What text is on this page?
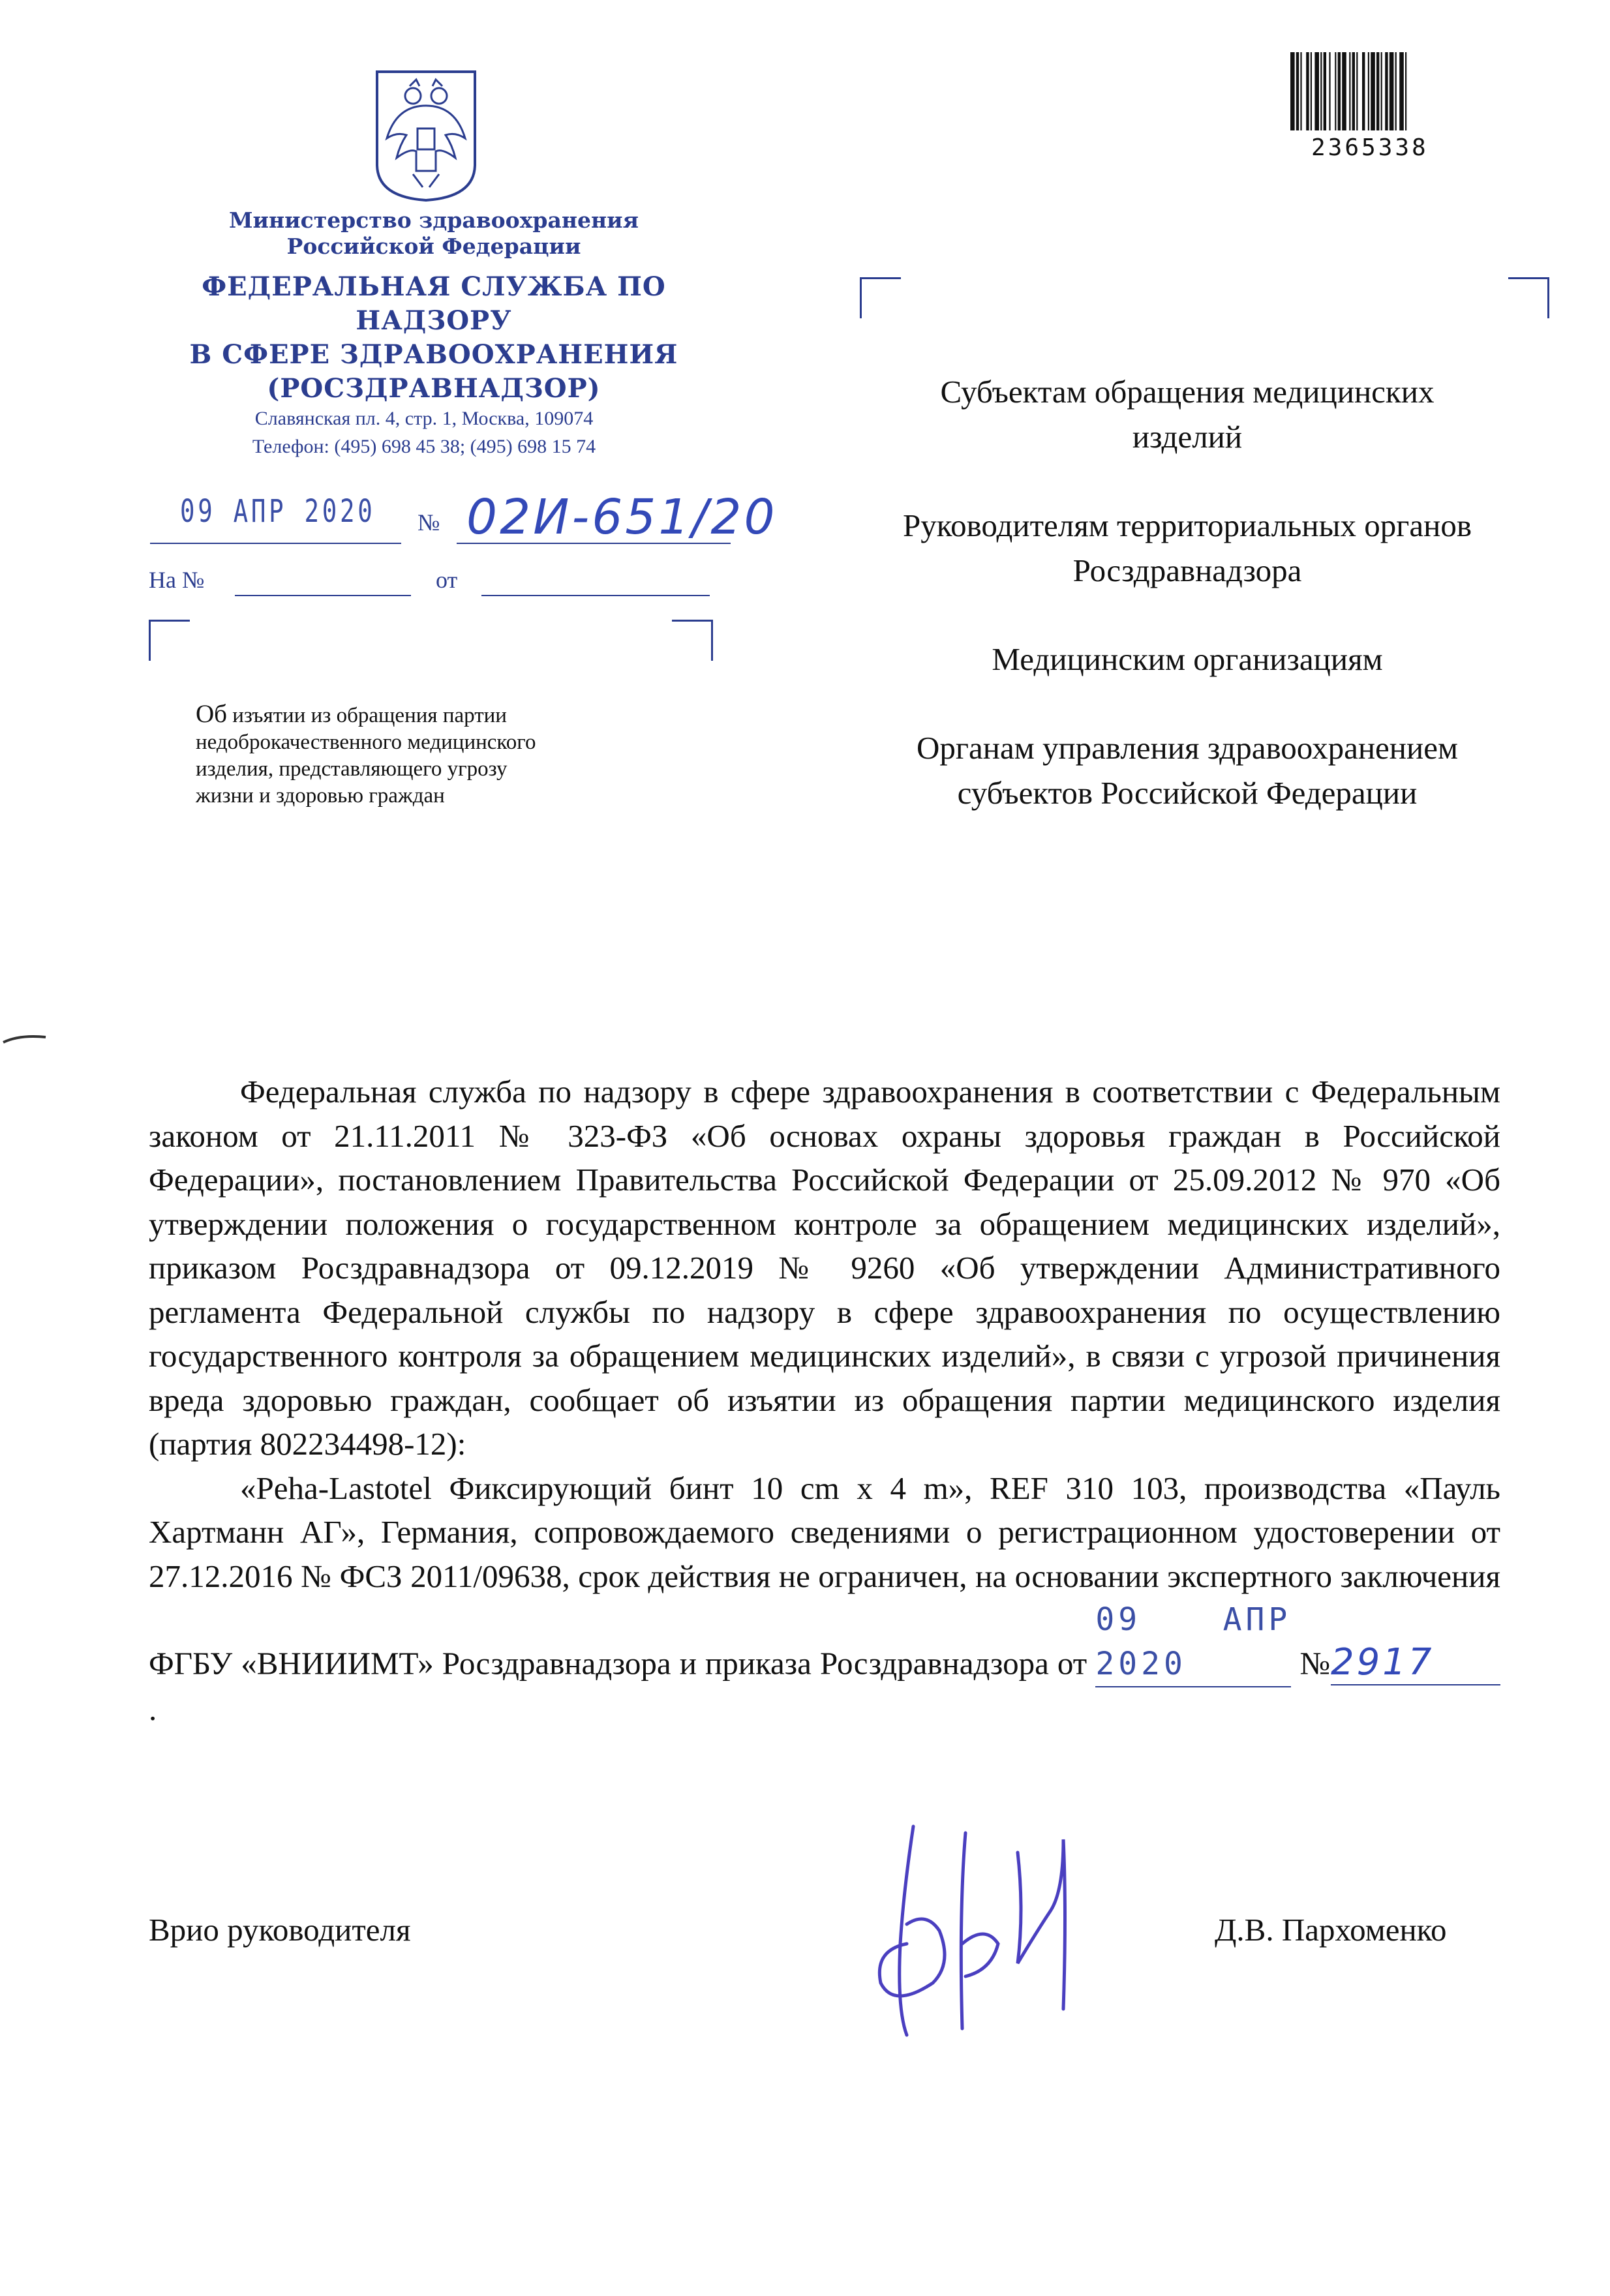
Министерство здравоохранения
Российской Федерации
ФЕДЕРАЛЬНАЯ СЛУЖБА ПО НАДЗОРУ
В СФЕРЕ ЗДРАВООХРАНЕНИЯ
(РОСЗДРАВНАДЗОР)
Славянская пл. 4, стр. 1, Москва, 109074
Телефон: (495) 698 45 38; (495) 698 15 74
09 АПР 2020 № 02И-651/20
На №	от
Об изъятии из обращения партии недоброкачественного медицинского изделия, представляющего угрозу жизни и здоровью граждан
2365338

Субъектам обращения медицинских изделий

Руководителям территориальных органов Росздравнадзора

Медицинским организациям

Органам управления здравоохранением субъектов Российской Федерации

Федеральная служба по надзору в сфере здравоохранения в соответствии с Федеральным законом от 21.11.2011 № 323-ФЗ «Об основах охраны здоровья граждан в Российской Федерации», постановлением Правительства Российской Федерации от 25.09.2012 № 970 «Об утверждении положения о государственном контроле за обращением медицинских изделий», приказом Росздравнадзора от 09.12.2019 № 9260 «Об утверждении Административного регламента Федеральной службы по надзору в сфере здравоохранения по осуществлению государственного контроля за обращением медицинских изделий», в связи с угрозой причинения вреда здоровью граждан, сообщает об изъятии из обращения партии медицинского изделия (партия 802234498-12):

«Peha-Lastotel Фиксирующий бинт 10 cm x 4 m», REF 310 103, производства «Пауль Хартманн АГ», Германия, сопровождаемого сведениями о регистрационном удостоверении от 27.12.2016 № ФСЗ 2011/09638, срок действия не ограничен, на основании экспертного заключения ФГБУ «ВНИИИМТ» Росздравнадзора и приказа Росздравнадзора от 09 АПР 2020	№2917.

Врио руководителя	Д.В. Пархоменко
